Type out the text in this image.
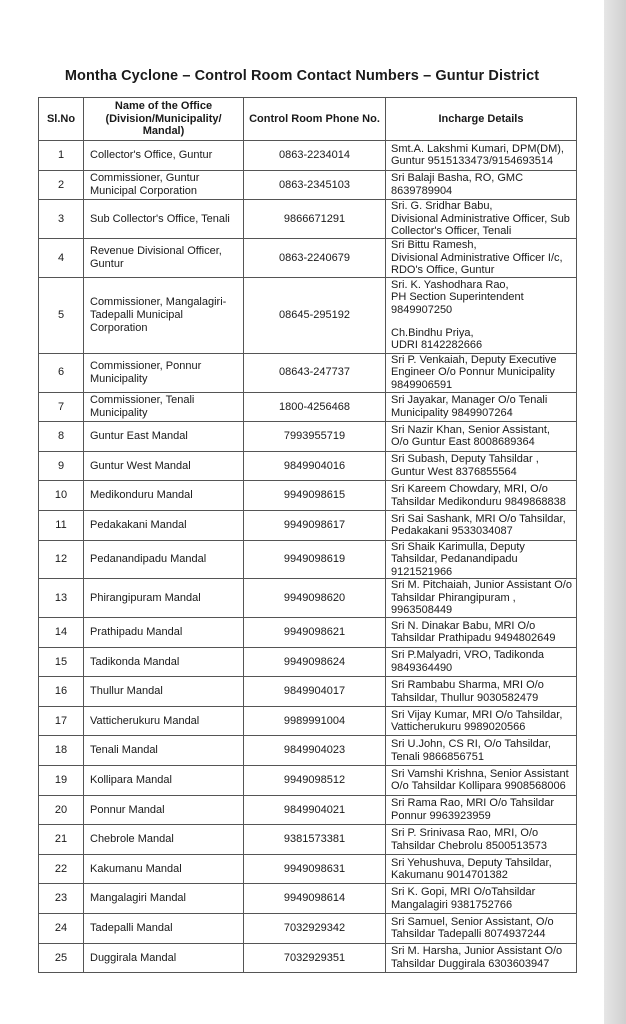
Montha Cyclone – Control Room Contact Numbers – Guntur District
Sl.No	Name of the Office (Division/Municipality/ Mandal)	Control Room Phone No.	Incharge Details
1	Collector's Office, Guntur	0863-2234014	Smt.A. Lakshmi Kumari, DPM(DM),
Guntur 9515133473/9154693514

2	Commissioner, Guntur Municipal Corporation	0863-2345103	Sri Balaji Basha, RO, GMC
8639789904

3	Sub Collector's Office, Tenali	9866671291	Sri. G. Sridhar Babu,
Divisional Administrative Officer, Sub
Collector's Officer, Tenali

4	Revenue Divisional Officer, Guntur	0863-2240679	Sri Bittu Ramesh,
Divisional Administrative Officer I/c,
RDO's Office, Guntur

5	Commissioner, Mangalagiri-Tadepalli Municipal Corporation	08645-295192	Sri. K. Yashodhara Rao,
PH Section Superintendent
9849907250
Ch.Bindhu Priya,
UDRI 8142282666

6	Commissioner, Ponnur Municipality	08643-247737	Sri P. Venkaiah, Deputy Executive
Engineer O/o Ponnur Municipality
9849906591

7	Commissioner, Tenali Municipality	1800-4256468	Sri Jayakar, Manager O/o Tenali
Municipality 9849907264

8	Guntur East Mandal	7993955719	Sri Nazir Khan, Senior Assistant,
O/o Guntur East 8008689364

9	Guntur West Mandal	9849904016	Sri Subash, Deputy Tahsildar ,
Guntur West 8376855564

10	Medikonduru Mandal	9949098615	Sri Kareem Chowdary, MRI, O/o
Tahsildar Medikonduru 9849868838

11	Pedakakani Mandal	9949098617	Sri Sai Sashank, MRI O/o Tahsildar,
Pedakakani 9533034087

12	Pedanandipadu Mandal	9949098619	Sri Shaik Karimulla, Deputy
Tahsildar, Pedanandipadu
9121521966

13	Phirangipuram Mandal	9949098620	Sri M. Pitchaiah, Junior Assistant O/o
Tahsildar Phirangipuram ,
9963508449

14	Prathipadu Mandal	9949098621	Sri N. Dinakar Babu, MRI O/o
Tahsildar Prathipadu 9494802649

15	Tadikonda Mandal	9949098624	Sri P.Malyadri, VRO, Tadikonda
9849364490

16	Thullur Mandal	9849904017	Sri Rambabu Sharma, MRI O/o
Tahsildar, Thullur 9030582479

17	Vatticherukuru Mandal	9989991004	Sri Vijay Kumar, MRI O/o Tahsildar,
Vatticherukuru 9989020566

18	Tenali Mandal	9849904023	Sri U.John, CS RI, O/o Tahsildar,
Tenali 9866856751

19	Kollipara Mandal	9949098512	Sri Vamshi Krishna, Senior Assistant
O/o Tahsildar Kollipara 9908568006

20	Ponnur Mandal	9849904021	Sri Rama Rao, MRI O/o Tahsildar
Ponnur 9963923959

21	Chebrole Mandal	9381573381	Sri P. Srinivasa Rao, MRI, O/o
Tahsildar Chebrolu 8500513573

22	Kakumanu Mandal	9949098631	Sri Yehushuva, Deputy Tahsildar,
Kakumanu 9014701382

23	Mangalagiri Mandal	9949098614	Sri K. Gopi, MRI O/oTahsildar
Mangalagiri 9381752766

24	Tadepalli Mandal	7032929342	Sri Samuel, Senior Assistant, O/o
Tahsildar Tadepalli 8074937244

25	Duggirala Mandal	7032929351	Sri M. Harsha, Junior Assistant O/o
Tahsildar Duggirala 6303603947
